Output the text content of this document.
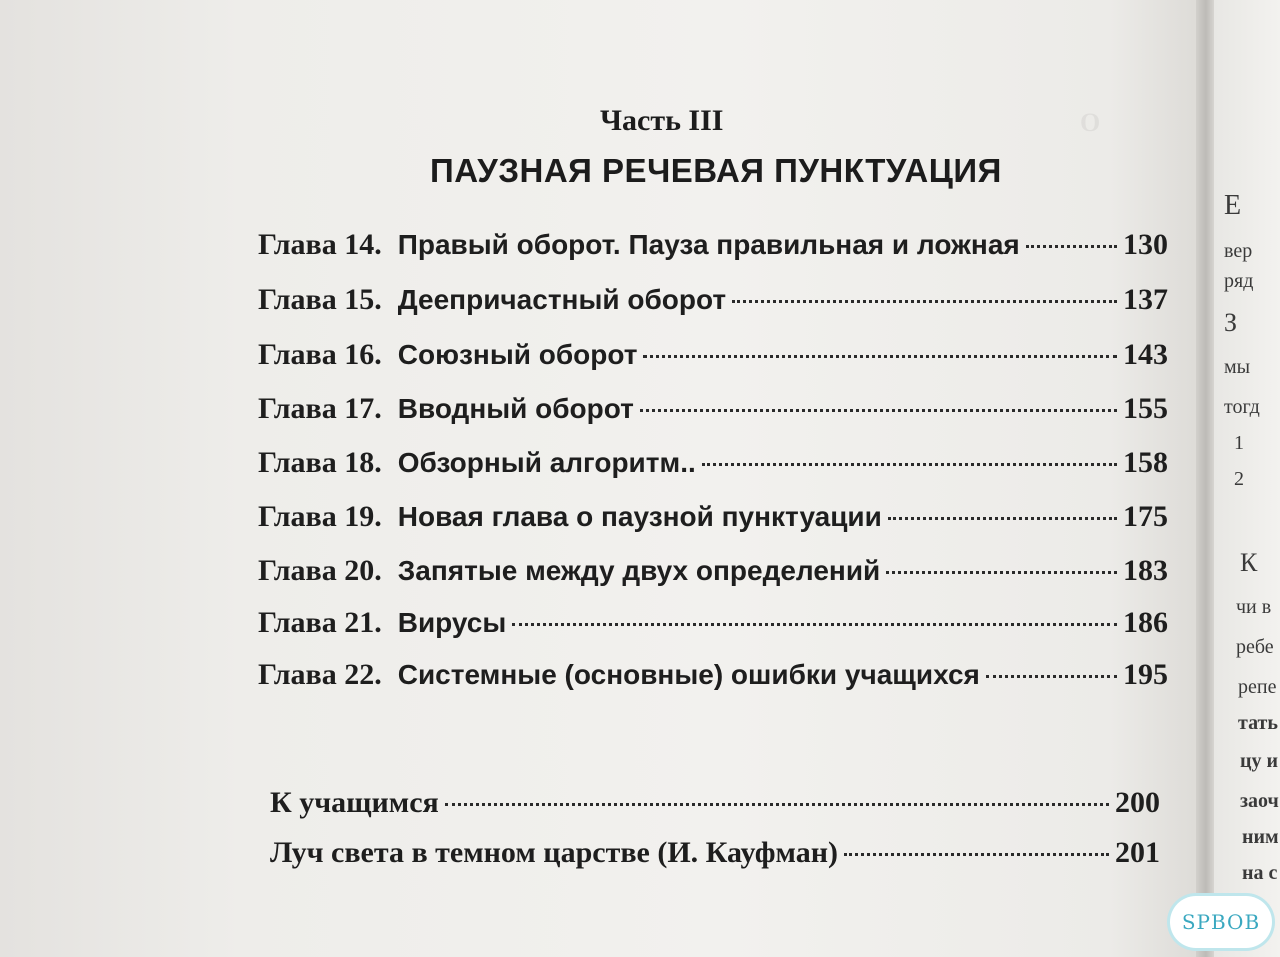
О
Часть III
ПАУЗНАЯ РЕЧЕВАЯ ПУНКТУАЦИЯ
Глава 14. Правый оборот. Пауза правильная и ложная	130
Глава 15. Деепричастный оборот	137
Глава 16. Союзный оборот	143
Глава 17. Вводный оборот	155
Глава 18. Обзорный алгоритм..	158
Глава 19. Новая глава о паузной пунктуации	175
Глава 20. Запятые между двух определений	183
Глава 21. Вирусы	186
Глава 22. Системные (основные) ошибки учащихся	195
К учащимся	200
Луч света в темном царстве (И. Кауфман)	201
Е
вер
ряд
З
мы
тогд
1
2
К
чи в
ребе
репе
тать
цу и
заоч
ним
на с
SPBOB
